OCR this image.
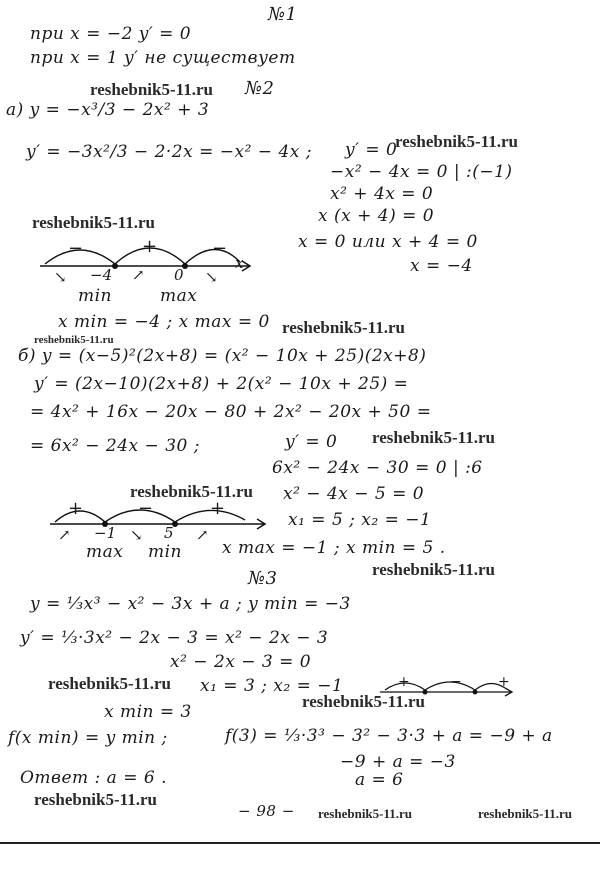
№1
при x = −2 y′ = 0
при x = 1 y′ не существует
reshebnik5-11.ru №2
а) y = −x³/3 − 2x² + 3
y′ = −3x²/3 − 2·2x = −x² − 4x ; y′ = 0
reshebnik5-11.ru
−x² − 4x = 0 | :(−1)
x² + 4x = 0
x (x + 4) = 0
x = 0 или x + 4 = 0
x = −4
reshebnik5-11.ru
−	+	−
x
↘ −4 ↗ 0 ↘
min	max
x min = −4 ; x max = 0 reshebnik5-11.ru
reshebnik5-11.ru
б) y = (x−5)²(2x+8) = (x² − 10x + 25)(2x+8)
y′ = (2x−10)(2x+8) + 2(x² − 10x + 25) =
= 4x² + 16x − 20x − 80 + 2x² − 20x + 50 =
= 6x² − 24x − 30 ;	y′ = 0 reshebnik5-11.ru
6x² − 24x − 30 = 0 | :6
reshebnik5-11.ru x² − 4x − 5 = 0
x₁ = 5 ; x₂ = −1
+	−	+
↗ −1 ↘ 5 ↗
max min x max = −1 ; x min = 5 .
reshebnik5-11.ru
№3
y = ⅓x³ − x² − 3x + a ; y min = −3
y′ = ⅓·3x² − 2x − 3 = x² − 2x − 3
x² − 2x − 3 = 0
reshebnik5-11.ru x₁ = 3 ; x₂ = −1	+	−	+
reshebnik5-11.ru
x min = 3
f(x min) = y min ;	f(3) = ⅓·3³ − 3² − 3·3 + a = −9 + a
−9 + a = −3
a = 6
Ответ : a = 6 .
reshebnik5-11.ru
− 98 − reshebnik5-11.ru	reshebnik5-11.ru
